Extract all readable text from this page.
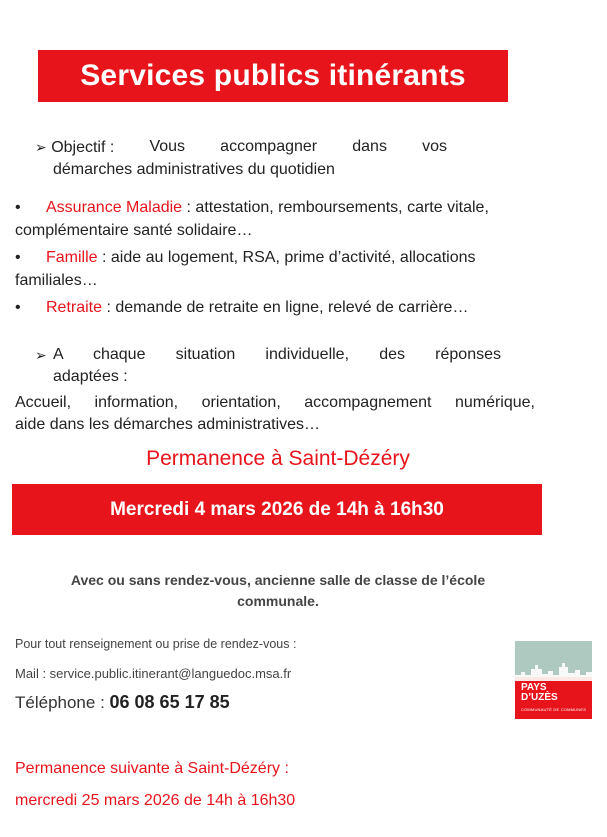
Services publics itinérants
➢ Objectif : Vous accompagner dans vos
démarches administratives du quotidien
• Assurance Maladie : attestation, remboursements, carte vitale,
complémentaire santé solidaire…
• Famille : aide au logement, RSA, prime d’activité, allocations
familiales…
• Retraite : demande de retraite en ligne, relevé de carrière…
➢ A chaque situation individuelle, des réponses
adaptées :
Accueil, information, orientation, accompagnement numérique,
aide dans les démarches administratives…
Permanence à Saint-Dézéry
Mercredi 4 mars 2026 de 14h à 16h30
Avec ou sans rendez-vous, ancienne salle de classe de l’école
communale.
Pour tout renseignement ou prise de rendez-vous :
Mail : service.public.itinerant@languedoc.msa.fr
Téléphone : 06 08 65 17 85
PAYS
D’UZÈS
COMMUNAUTÉ DE COMMUNES
Permanence suivante à Saint-Dézéry :
mercredi 25 mars 2026 de 14h à 16h30
